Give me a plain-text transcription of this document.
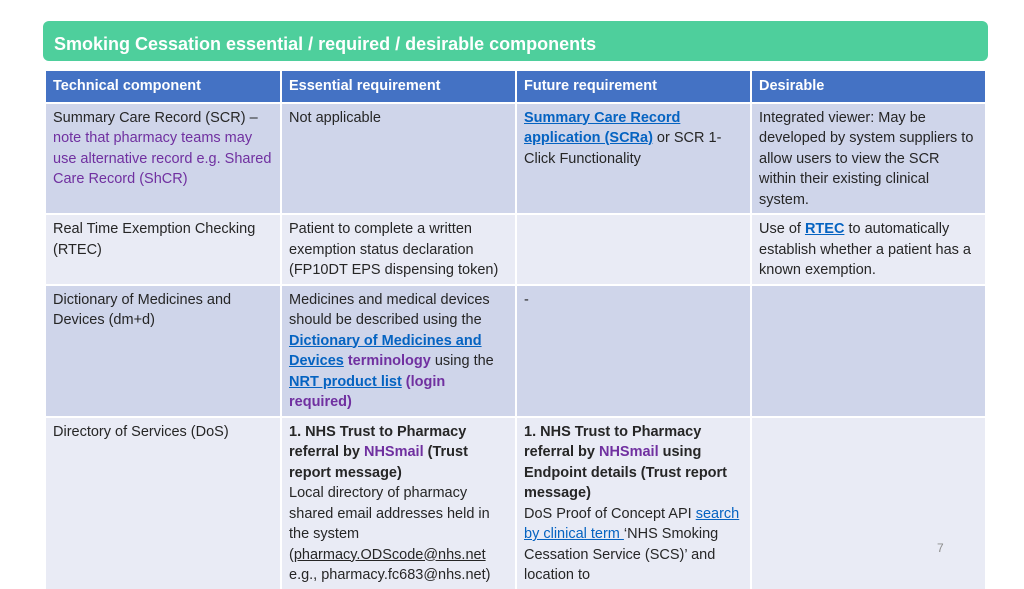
Smoking Cessation essential / required / desirable components
Technical component	Essential requirement	Future requirement	Desirable
Summary Care Record (SCR) – note that pharmacy teams may use alternative record e.g. Shared Care Record (ShCR)	Not applicable	Summary Care Record application (SCRa) or SCR 1-Click Functionality	Integrated viewer: May be developed by system suppliers to allow users to view the SCR within their existing clinical system.
Real Time Exemption Checking (RTEC)	Patient to complete a written exemption status declaration (FP10DT EPS dispensing token)		Use of RTEC to automatically establish whether a patient has a known exemption.
Dictionary of Medicines and Devices (dm+d)	Medicines and medical devices should be described using the Dictionary of Medicines and Devices terminology using the NRT product list (login required)	-	
Directory of Services (DoS)	1. NHS Trust to Pharmacy referral by NHSmail (Trust report message)
Local directory of pharmacy shared email addresses held in the system
(pharmacy.ODScode@nhs.net e.g., pharmacy.fc683@nhs.net)	1. NHS Trust to Pharmacy referral by NHSmail using Endpoint details (Trust report message)
DoS Proof of Concept API search by clinical term ‘NHS Smoking Cessation Service (SCS)’ and location to	
7
